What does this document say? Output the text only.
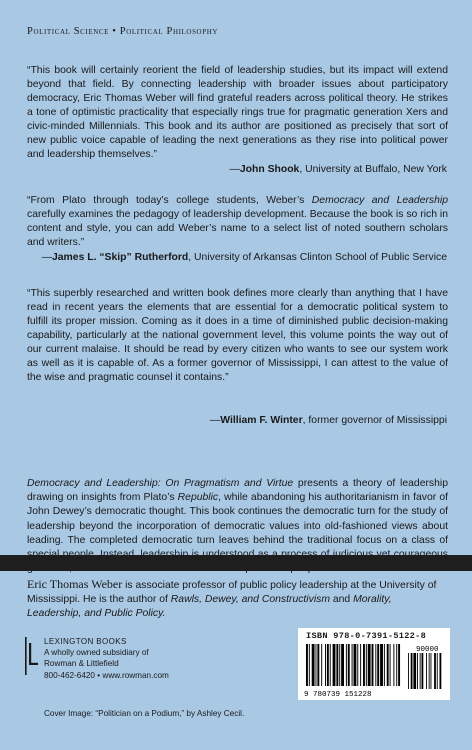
Political Science • Political Philosophy

“This book will certainly reorient the field of leadership studies, but its impact will extend beyond that field. By connecting leadership with broader issues about participatory democracy, Eric Thomas Weber will find grateful readers across political theory. He strikes a tone of optimistic practicality that especially rings true for pragmatic generation Xers and civic-minded Millennials. This book and its author are positioned as precisely that sort of new public voice capable of leading the next generations as they rise into political power and leadership themselves.”

—John Shook, University at Buffalo, New York

“From Plato through today’s college students, Weber’s Democracy and Leadership carefully examines the pedagogy of leadership development. Because the book is so rich in content and style, you can add Weber’s name to a select list of noted southern scholars and writers.”

—James L. “Skip” Rutherford, University of Arkansas Clinton School of Public Service

“This superbly researched and written book defines more clearly than anything that I have read in recent years the elements that are essential for a democratic political system to fulfill its proper mission. Coming as it does in a time of diminished public decision-making capability, particularly at the national government level, this volume points the way out of our current malaise. It should be read by every citizen who wants to see our system work as well as it is capable of. As a former governor of Mississippi, I can attest to the value of the wise and pragmatic counsel it contains.”

—William F. Winter, former governor of Mississippi

Democracy and Leadership: On Pragmatism and Virtue presents a theory of leadership drawing on insights from Plato’s Republic, while abandoning his authoritarianism in favor of John Dewey’s democratic thought. This book continues the democratic turn for the study of leadership beyond the incorporation of democratic values into old-fashioned views about leading. The completed democratic turn leaves behind the traditional focus on a class of

Eric Thomas Weber is associate professor of public policy leadership at the University of Mississippi. He is the author of Rawls, Dewey, and Constructivism and Morality, Leadership, and Public Policy.

LEXINGTON BOOKS
A wholly owned subsidiary of
Rowman & Littlefield
800-462-6420 • www.rowman.com
ISBN 978-0-7391-5122-8
90000
9 780739 151228
Cover Image: “Politician on a Podium,” by Ashley Cecil.
